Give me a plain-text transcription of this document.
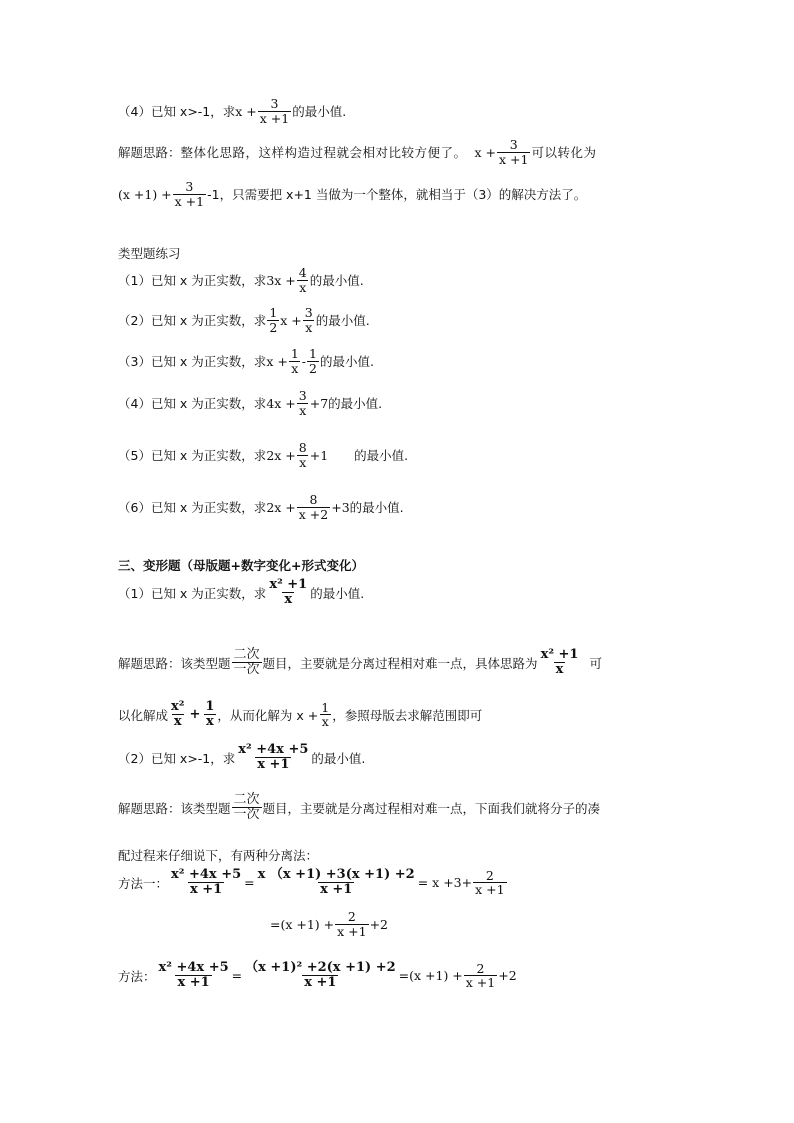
（4） 已知 x>-1，求 $x + \frac{3}{x +1}$ 的最小值.
解题思路： 整体化思路，这样构造过程就会相对比较方便了。 $x + \frac{3}{x +1}$ 可以转化为
$(x +1) + \frac{3}{x +1} -1$，只需要把 x+1 当做为一个整体，就相当于（3）的解决方法了。
类型题练习
（1） 已知 x 为正实数，求 $3x + \frac{4}{x}$ 的最小值.
（2） 已知 x 为正实数，求
1
2 $x + \frac{3}{x}$ 的最小值.
（3） 已知 x 为正实数，求 $x + \frac{1}{x}$ -
1
2 的最小值.
（4） 已知 x 为正实数，求 $4x + \frac{3}{x} +7$ 的最小值.
（5） 已知 x 为正实数，求 $2x + \frac{8}{x} +1$ 的最小值.
（6） 已知 x 为正实数，求 $2x + \frac{8}{x +2} +3$ 的最小值.
三、变形题（母版题+数字变化+形式变化）
（1） 已知 x 为正实数，求
x² +1
x 的最小值.
解题思路： 该类型题
二次
一次 题目，主要就是分离过程相对难一点，具体思路为
x² +1
x 可
以化解成
x²
$x + \frac{1}{x}$ ，从而化解为 $x + \frac{1}{x}$ ，参照母版去求解范围即可
（2） 已知 x>-1，求
x² +4x +5
x +1 的最小值.
解题思路： 该类型题
二次
一次 题目，主要就是分离过程相对难一点，下面我们就将分子的凑
配过程来仔细说下，有两种分离法：
方法一： $\frac{\text{x² +4x +5}}{x +1} = \frac{x (x +1) +3(x +1) +2}{x +1} = x +3+ \frac{2}{x +1}$
$=(x +1) + \frac{2}{x +1} +2$
方法： $\frac{\text{x² +4x +5}}{x +1} = \frac{\text{（x +1)² +2(x +1) +2}}{x +1} =(x +1) + \frac{2}{x +1} +2$
